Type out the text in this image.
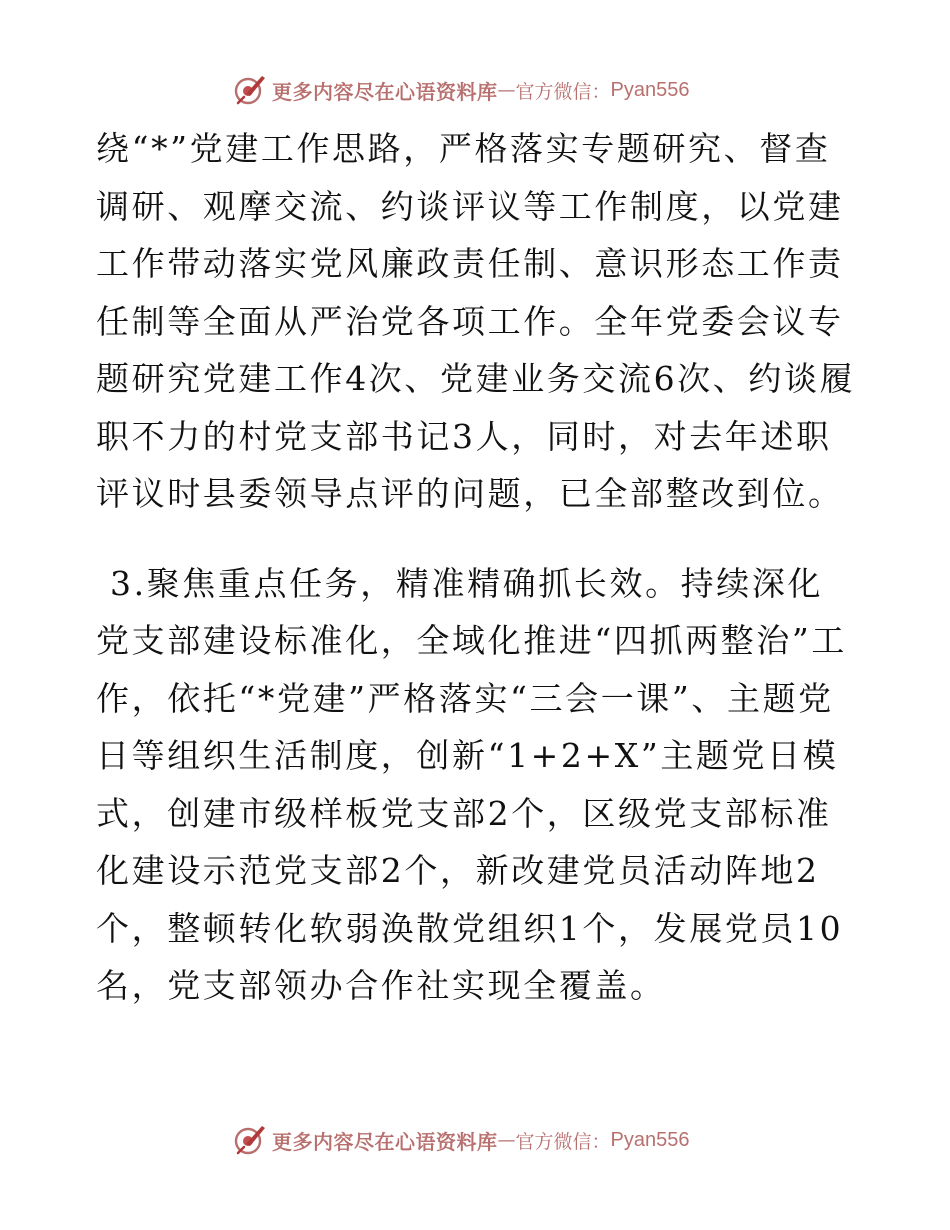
更多内容尽在心语资料库 — 官方微信： Pyan556

绕“*”党建工作思路，严格落实专题研究、督查调研、观摩交流、约谈评议等工作制度，以党建工作带动落实党风廉政责任制、意识形态工作责任制等全面从严治党各项工作。全年党委会议专题研究党建工作4次、党建业务交流6次、约谈履职不力的村党支部书记3人，同时，对去年述职评议时县委领导点评的问题，已全部整改到位。

3.聚焦重点任务，精准精确抓长效。持续深化党支部建设标准化，全域化推进“四抓两整治”工作，依托“*党建”严格落实“三会一课”、主题党日等组织生活制度，创新“1+2+X”主题党日模式，创建市级样板党支部2个，区级党支部标准化建设示范党支部2个，新改建党员活动阵地2个，整顿转化软弱涣散党组织1个，发展党员10名，党支部领办合作社实现全覆盖。

更多内容尽在心语资料库 — 官方微信： Pyan556
